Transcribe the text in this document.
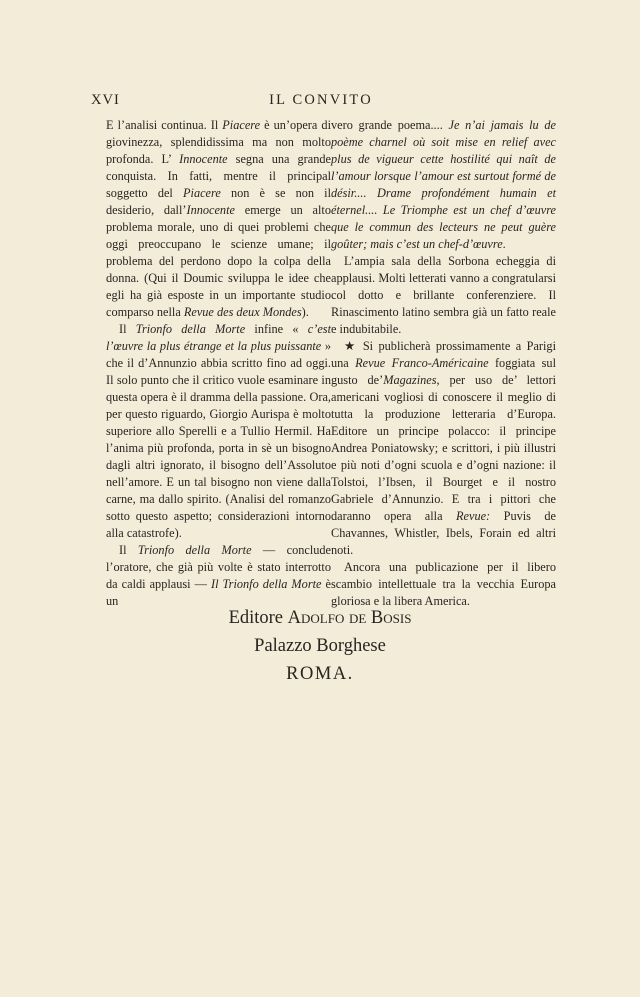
XVI	IL CONVITO

E l’analisi continua. Il Piacere è un’opera di giovinezza, splendidissima ma non molto profonda. L’ Innocente segna una grande conquista. In fatti, mentre il principal soggetto del Piacere non è se non il desiderio, dall’Innocente emerge un alto problema morale, uno di quei problemi che oggi preoccupano le scienze umane; il problema del perdono dopo la colpa della donna. (Qui il Doumic sviluppa le idee che egli ha già esposte in un importante studio comparso nella Revue des deux Mondes).

Il Trionfo della Morte infine « c’est l’œuvre la plus étrange et la plus puissante » che il d’Annunzio abbia scritto fino ad oggi. Il solo punto che il critico vuole esaminare in questa opera è il dramma della passione. Ora, per questo riguardo, Giorgio Aurispa è molto superiore allo Sperelli e a Tullio Hermil. Ha l’anima più profonda, porta in sè un bisogno dagli altri ignorato, il bisogno dell’Assoluto nell’amore. E un tal bisogno non viene dalla carne, ma dallo spirito. (Analisi del romanzo sotto questo aspetto; considerazioni intorno alla catastrofe).

Il Trionfo della Morte — conclude l’oratore, che già più volte è stato interrotto da caldi applausi — Il Trionfo della Morte è un

vero grande poema.... Je n’ai jamais lu de poème charnel où soit mise en relief avec plus de vigueur cette hostilité qui naît de l’amour lorsque l’amour est surtout formé de désir.... Drame profondément humain et éternel.... Le Triomphe est un chef d’œuvre que le commun des lecteurs ne peut guère goûter; mais c’est un chef-d’œuvre.

L’ampia sala della Sorbona echeggia di applausi. Molti letterati vanno a congratularsi col dotto e brillante conferenziere. Il Rinascimento latino sembra già un fatto reale e indubitabile.

★ Si publicherà prossimamente a Parigi una Revue Franco-Américaine foggiata sul gusto de’Magazines, per uso de’ lettori americani vogliosi di conoscere il meglio di tutta la produzione letteraria d’Europa. Editore un principe polacco: il principe Andrea Poniatowsky; e scrittori, i più illustri e più noti d’ogni scuola e d’ogni nazione: il Tolstoi, l’Ibsen, il Bourget e il nostro Gabriele d’Annunzio. E tra i pittori che daranno opera alla Revue: Puvis de Chavannes, Whistler, Ibels, Forain ed altri noti.

Ancora una publicazione per il libero scambio intellettuale tra la vecchia Europa gloriosa e la libera America.

Editore Adolfo de Bosis
Palazzo Borghese
ROMA.
